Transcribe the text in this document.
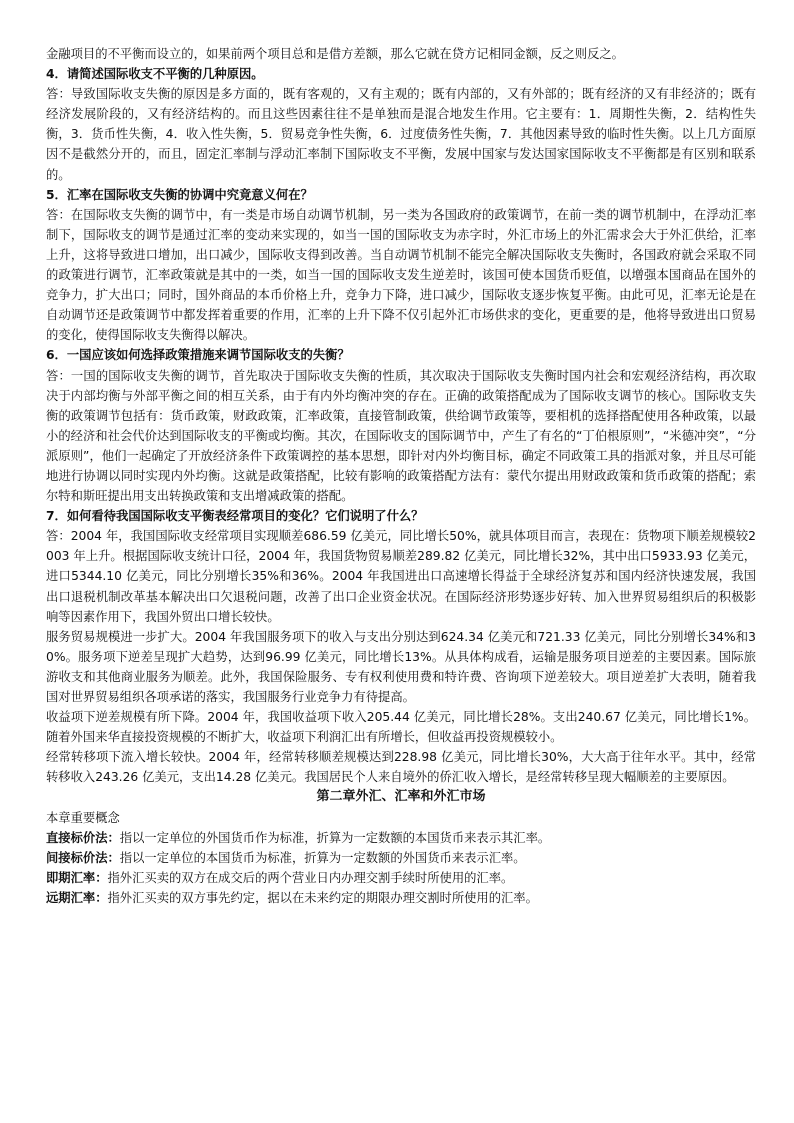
金融项目的不平衡而设立的，如果前两个项目总和是借方差额，那么它就在贷方记相同金额，反之则反之。

4．请简述国际收支不平衡的几种原因。

答：导致国际收支失衡的原因是多方面的，既有客观的，又有主观的；既有内部的，又有外部的；既有经济的又有非经济的；既有经济发展阶段的，又有经济结构的。而且这些因素往往不是单独而是混合地发生作用。它主要有：1．周期性失衡，2．结构性失衡，3．货币性失衡，4．收入性失衡，5．贸易竞争性失衡，6．过度债务性失衡，7．其他因素导致的临时性失衡。以上几方面原因不是截然分开的，而且，固定汇率制与浮动汇率制下国际收支不平衡，发展中国家与发达国家国际收支不平衡都是有区别和联系的。

5．汇率在国际收支失衡的协调中究竟意义何在？

答：在国际收支失衡的调节中，有一类是市场自动调节机制，另一类为各国政府的政策调节，在前一类的调节机制中，在浮动汇率制下，国际收支的调节是通过汇率的变动来实现的，如当一国的国际收支为赤字时，外汇市场上的外汇需求会大于外汇供给，汇率上升，这将导致进口增加，出口减少，国际收支得到改善。当自动调节机制不能完全解决国际收支失衡时，各国政府就会采取不同的政策进行调节，汇率政策就是其中的一类，如当一国的国际收支发生逆差时，该国可使本国货币贬值，以增强本国商品在国外的竞争力，扩大出口；同时，国外商品的本币价格上升，竞争力下降，进口减少，国际收支逐步恢复平衡。由此可见，汇率无论是在自动调节还是政策调节中都发挥着重要的作用，汇率的上升下降不仅引起外汇市场供求的变化，更重要的是，他将导致进出口贸易的变化，使得国际收支失衡得以解决。

6．一国应该如何选择政策措施来调节国际收支的失衡？

答：一国的国际收支失衡的调节，首先取决于国际收支失衡的性质，其次取决于国际收支失衡时国内社会和宏观经济结构，再次取决于内部均衡与外部平衡之间的相互关系，由于有内外均衡冲突的存在。正确的政策搭配成为了国际收支调节的核心。国际收支失衡的政策调节包括有：货币政策，财政政策，汇率政策，直接管制政策，供给调节政策等，要相机的选择搭配使用各种政策，以最小的经济和社会代价达到国际收支的平衡或均衡。其次，在国际收支的国际调节中，产生了有名的“丁伯根原则”，“米德冲突”，“分派原则”，他们一起确定了开放经济条件下政策调控的基本思想，即针对内外均衡目标，确定不同政策工具的指派对象，并且尽可能地进行协调以同时实现内外均衡。这就是政策搭配，比较有影响的政策搭配方法有：蒙代尔提出用财政政策和货币政策的搭配；索尔特和斯旺提出用支出转换政策和支出增减政策的搭配。

7．如何看待我国国际收支平衡表经常项目的变化？它们说明了什么？

答：2004 年，我国国际收支经常项目实现顺差686.59 亿美元，同比增长50%，就具体项目而言，表现在：货物项下顺差规模较2003 年上升。根据国际收支统计口径，2004 年，我国货物贸易顺差289.82 亿美元，同比增长32%，其中出口5933.93 亿美元，进口5344.10 亿美元，同比分别增长35%和36%。2004 年我国进出口高速增长得益于全球经济复苏和国内经济快速发展，我国出口退税机制改革基本解决出口欠退税问题，改善了出口企业资金状况。在国际经济形势逐步好转、加入世界贸易组织后的积极影响等因素作用下，我国外贸出口增长较快。

服务贸易规模进一步扩大。2004 年我国服务项下的收入与支出分别达到624.34 亿美元和721.33 亿美元，同比分别增长34%和30%。服务项下逆差呈现扩大趋势，达到96.99 亿美元，同比增长13%。从具体构成看，运输是服务项目逆差的主要因素。国际旅游收支和其他商业服务为顺差。此外，我国保险服务、专有权利使用费和特许费、咨询项下逆差较大。项目逆差扩大表明，随着我国对世界贸易组织各项承诺的落实，我国服务行业竞争力有待提高。

收益项下逆差规模有所下降。2004 年，我国收益项下收入205.44 亿美元，同比增长28%。支出240.67 亿美元，同比增长1%。随着外国来华直接投资规模的不断扩大，收益项下利润汇出有所增长，但收益再投资规模较小。

经常转移项下流入增长较快。2004 年，经常转移顺差规模达到228.98 亿美元，同比增长30%，大大高于往年水平。其中，经常转移收入243.26 亿美元，支出14.28 亿美元。我国居民个人来自境外的侨汇收入增长，是经常转移呈现大幅顺差的主要原因。

第二章外汇、汇率和外汇市场

本章重要概念

直接标价法：指以一定单位的外国货币作为标准，折算为一定数额的本国货币来表示其汇率。

间接标价法：指以一定单位的本国货币为标准，折算为一定数额的外国货币来表示汇率。

即期汇率：指外汇买卖的双方在成交后的两个营业日内办理交割手续时所使用的汇率。

远期汇率：指外汇买卖的双方事先约定，据以在未来约定的期限办理交割时所使用的汇率。
